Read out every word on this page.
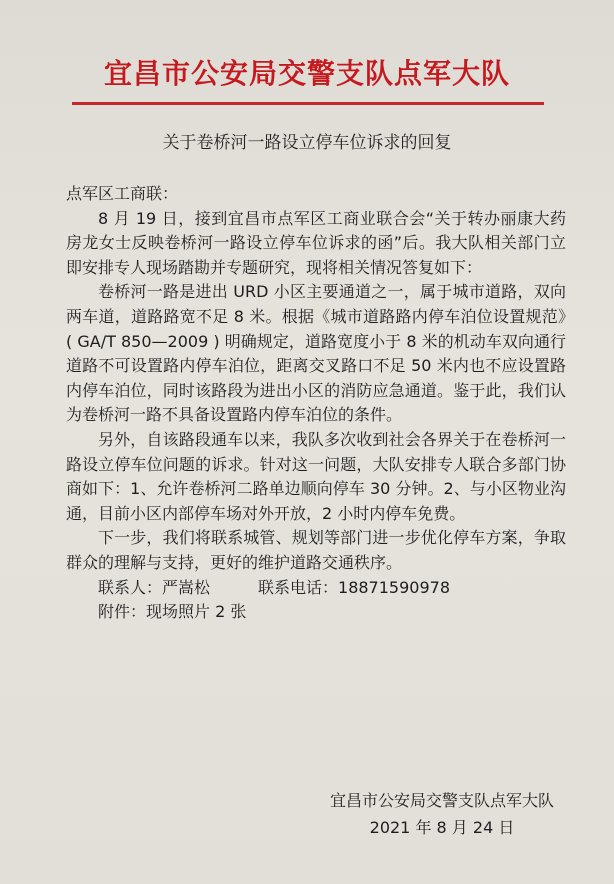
宜昌市公安局交警支队点军大队
关于卷桥河一路设立停车位诉求的回复

点军区工商联：

8 月 19 日，接到宜昌市点军区工商业联合会“关于转办丽康大药房龙女士反映卷桥河一路设立停车位诉求的函”后。我大队相关部门立即安排专人现场踏勘并专题研究，现将相关情况答复如下：

卷桥河一路是进出 URD 小区主要通道之一，属于城市道路，双向两车道，道路路宽不足 8 米。根据《城市道路路内停车泊位设置规范》( GA/T 850—2009 ) 明确规定，道路宽度小于 8 米的机动车双向通行道路不可设置路内停车泊位，距离交叉路口不足 50 米内也不应设置路内停车泊位，同时该路段为进出小区的消防应急通道。鉴于此，我们认为卷桥河一路不具备设置路内停车泊位的条件。

另外，自该路段通车以来，我队多次收到社会各界关于在卷桥河一路设立停车位问题的诉求。针对这一问题，大队安排专人联合多部门协商如下：1、允许卷桥河二路单边顺向停车 30 分钟。2、与小区物业沟通，目前小区内部停车场对外开放，2 小时内停车免费。

下一步，我们将联系城管、规划等部门进一步优化停车方案，争取群众的理解与支持，更好的维护道路交通秩序。

联系人：严嵩松	联系电话：18871590978

附件：现场照片 2 张

宜昌市公安局交警支队点军大队
2021 年 8 月 24 日
